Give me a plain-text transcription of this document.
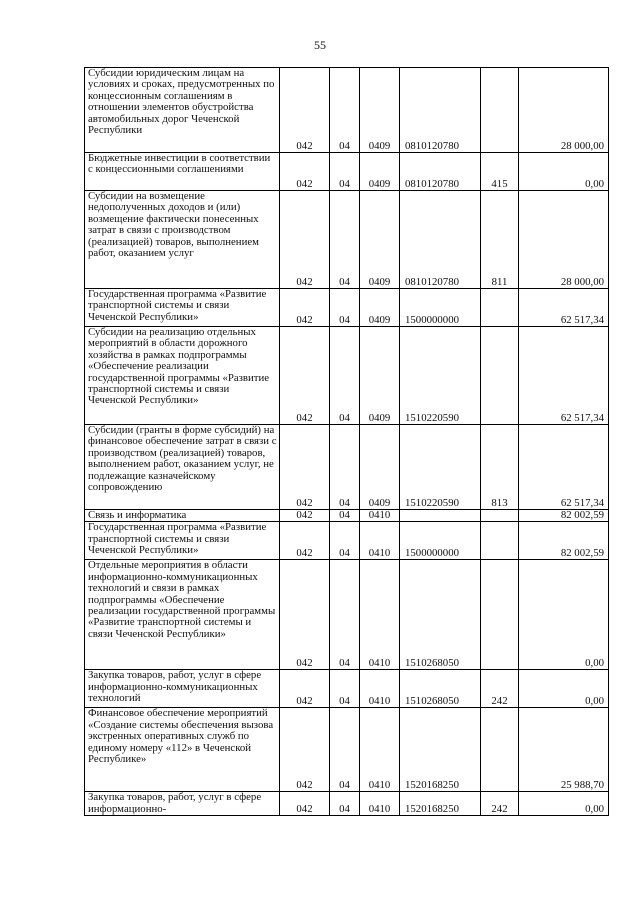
55
Субсидии юридическим лицам на условиях и сроках, предусмотренных по концессионным соглашениям в отношении элементов обустройства автомобильных дорог Чеченской Республики	042	04	0409	0810120780		28 000,00
Бюджетные инвестиции в соответствии с концессионными соглашениями	042	04	0409	0810120780	415	0,00
Субсидии на возмещение недополученных доходов и (или) возмещение фактически понесенных затрат в связи с производством (реализацией) товаров, выполнением работ, оказанием услуг	042	04	0409	0810120780	811	28 000,00
Государственная программа «Развитие транспортной системы и связи Чеченской Республики»	042	04	0409	1500000000		62 517,34
Субсидии на реализацию отдельных мероприятий в области дорожного хозяйства в рамках подпрограммы «Обеспечение реализации государственной программы «Развитие транспортной системы и связи Чеченской Республики»	042	04	0409	1510220590		62 517,34
Субсидии (гранты в форме субсидий) на финансовое обеспечение затрат в связи с производством (реализацией) товаров, выполнением работ, оказанием услуг, не подлежащие казначейскому сопровождению	042	04	0409	1510220590	813	62 517,34
Связь и информатика	042	04	0410			82 002,59
Государственная программа «Развитие транспортной системы и связи Чеченской Республики»	042	04	0410	1500000000		82 002,59
Отдельные мероприятия в области информационно-коммуникационных технологий и связи в рамках подпрограммы «Обеспечение реализации государственной программы «Развитие транспортной системы и связи Чеченской Республики»	042	04	0410	1510268050		0,00
Закупка товаров, работ, услуг в сфере информационно-коммуникационных технологий	042	04	0410	1510268050	242	0,00
Финансовое обеспечение мероприятий «Создание системы обеспечения вызова экстренных оперативных служб по единому номеру «112» в Чеченской Республике»	042	04	0410	1520168250		25 988,70
Закупка товаров, работ, услуг в сфере информационно-	042	04	0410	1520168250	242	0,00
